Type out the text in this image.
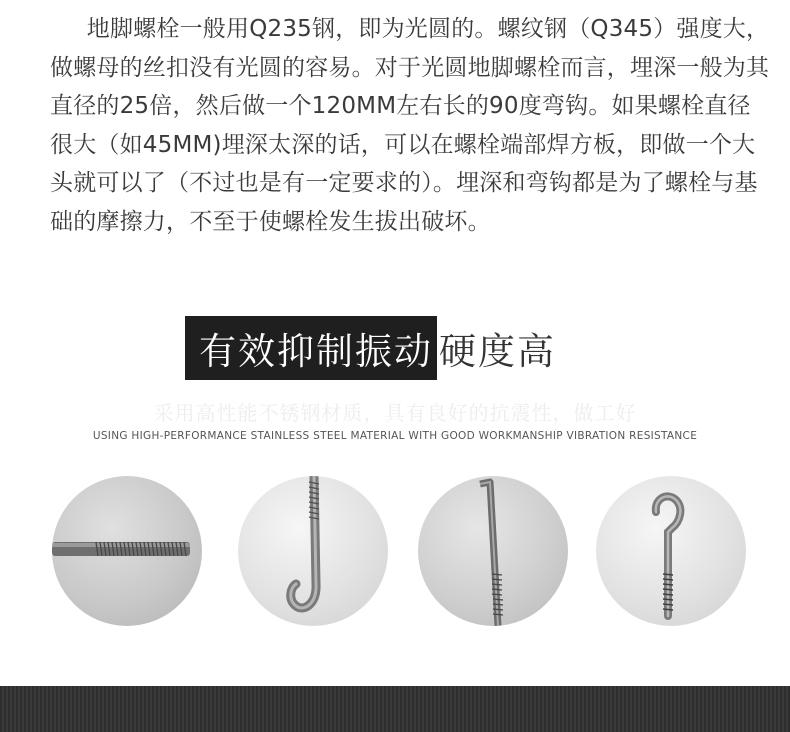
地脚螺栓一般用Q235钢，即为光圆的。螺纹钢（Q345）强度大，做螺母的丝扣没有光圆的容易。对于光圆地脚螺栓而言，埋深一般为其直径的25倍，然后做一个120MM左右长的90度弯钩。如果螺栓直径很大（如45MM)埋深太深的话，可以在螺栓端部焊方板，即做一个大头就可以了（不过也是有一定要求的）。埋深和弯钩都是为了螺栓与基础的摩擦力，不至于使螺栓发生拔出破坏。

有效抑制振动 硬度高
采用高性能不锈钢材质，具有良好的抗震性，做工好
USING HIGH-PERFORMANCE STAINLESS STEEL MATERIAL WITH GOOD WORKMANSHIP VIBRATION RESISTANCE
